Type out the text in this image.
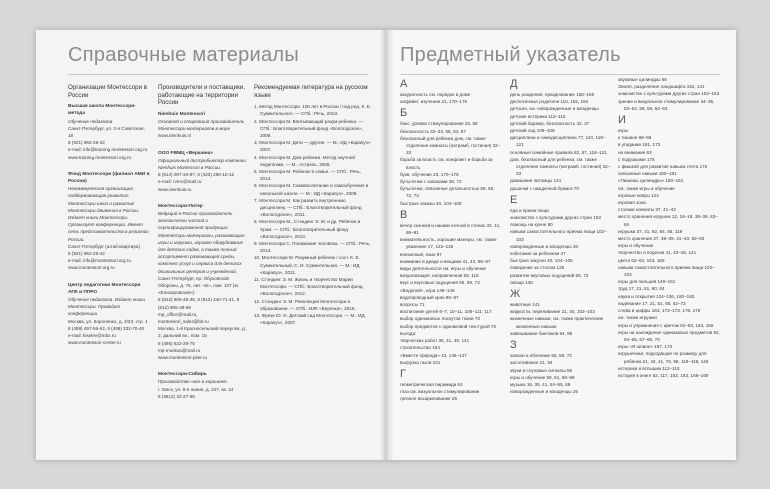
Справочные материалы
Организации Монтессори в России

Высшая школа Монтессори-метода

Обучение педагогов

Санкт-Петербург, ул. 2-я Советская, 18

8 (921) 962-26-42

e-mail: info@training.montessori.org.ru

www.training.montessori.org.ru

Фонд Монтессори (филиал АМИ в России)

Некоммерческая организация, поддерживающая развитие Монтессори-школ и развитие Монтессори-движения в России. Издает книги Монтессори. Организует конференции. Имеет сеть представительств в регионах России.

Санкт-Петербург (штаб-квартира)

8 (921) 962-26-42

e-mail: info@montessori.org.ru

www.montessori.org.ru

Центр педагогики Монтессори АПК и ППРО

Обучение педагогов. Издает книги Монтессори. Проводит конференции.

Москва, ул. Короленко, д. 2/23, стр. 1

8 (499) 497-56-62, 8 (499) 232-70-40

e-mail: kiselev@mbx.ru

www.montessori-center.ru

Производители и поставщики, работающие на территории России

Nienhuis Montessori

Основной и старейший производитель Монтессори-материалов в мире

www.nienhuis.nl

ООО РВМЦ «Вершина»

Официальный дистрибьютор компании Nienhuis Montessori в России.

8 (914) 007-34-97, 8 (423) 250-10-12

e-mail: rvmc@mail.ru

www.nienhuis.ru

Монтессори-Питер

Ведущий в России производитель экологически чистой и сертифицированной продукции: Монтессори-материалы, развивающие игры и игрушки, игровое оборудование для детских садов, а также полный ассортимент развивающей среды, комплекс услуг и сервиса для детских дошкольных центров и учреждений.

Санкт-Петербург, пр. Обуховской Обороны, д. 76, лит. «Б», пом. 107 (м. «Елизаровская»)

8 (812) 905-48-36, 8 (812) 440-71-41, 8 (812) 905-48-66

mp_office@mail.ru, montessori_sales@bk.ru

Москва, 1-й Красносельский переулок, д. 3, дальний вх., пом. 15

8 (495) 622-29-75

mp-moskva@mail.ru

www.montessori-piter.ru

Монтессори-Сибирь

Производство «все в хорошем»

г. Омск, ул. 9-я линия, д. 227, кв. 24

8 (3812) 32-27-96

Рекомендуемая литература на русском языке
1. Метод Монтессори. 100 лет в России / под ред. К. Е. Сумнительного. — СПб.: Речь, 2013.
2. Монтессори М. Впитывающий разум ребенка. — СПб.: Благотворительный фонд «Вологодское», 2009.
3. Монтессори М. Дети — другие. — М.: ИД «Карапуз», 2007.
4. Монтессори М. Дом ребенка. Метод научной педагогики. — М.: Астрель, 2006.
5. Монтессори М. Ребенок в семье. — СПб.: Речь, 2014.
6. Монтессори М. Самовоспитание и самообучение в начальной школе. — М.: ИД «Карапуз», 2009.
7. Монтессори М. Как развить внутреннюю дисциплину. — СПб.: Благотворительный фонд «Вологодское», 2011.
8. Монтессори М., Стэндинг Э. М. и др. Ребенок и Храм. — СПб.: Благотворительный фонд «Вологодское», 2013.
9. Монтессори С. Понимание человека. — СПб.: Речь, 2013.
10. Монтессори М. Разумный ребенок / сост. К. Е. Сумнительный, С. И. Сумнительная. — М.: ИД «Карапуз», 2011.
11. Стэндинг Э. М. Жизнь и творчество Марии Монтессори. — СПб.: Благотворительный фонд «Вологодское», 2012.
12. Стэндинг Э. М. Революция Монтессори в образовании. — СПб.: ИЛК «Березка», 2015.
13. Фрезе Ю. И. Детский сад Монтессори. — М.: ИД «Карапуз», 2007.
Предметный указатель
А

аккуратность см. порядок в доме

алфавит, изучение 21, 170–175

Б

бокс, уровни стимулирования 33, 58

безопасность 32–33, 58, 84, 87

безопасный для ребенка дом, см. также отделение комнаты (натрамб, гостиная) 32–33

борьба за власть см. конфликт и борьба за власть

букв, обучение 23, 170–175

бутылочки с запахами 39, 72

бутылочки, связанные детальностью 59, 68, 72, 73

быстрые заказы 40, 104–105

В

вечер скачкой и нашим ночной в стенах 33, 41, 86–91

внимательность, хорошие манеры, см. также уважение 17, 122–125

внезапный, язык 87

внимание в диаде и вещами 41, 43, 96–97

виды деятельности см. игры и обучение

визуализация, направленная 69, 116

вкус и вкусовые ощущения 55, 59, 73

«Водопой», игра 148–149

водопроводный кран 86–87

вопросы 71

воспитание детей 6–7, 10–11, 108–111, 117

выбор одинаковых лоскутов ткани 70

выбор предметов с одинаковой текстурой 70

выгода:

творческих работ 35, 41, 45, 141

строительство 154

«Вместе природа» 43, 146–147

выгрузка пыли 101

Г

геометрическая пирамида 64

глаз см. визуальное стимулирование

грязное вскармливание 26

Д

день рождения, празднование 156–159

деспотичные родители 110, 162, 184

детская, см. новорожденные и младенцы

детские истерики 112–115

детский бармер, безопасность 32, 37

детский сад 108–109

дисциплина и самодисциплина 77, 110, 119–121

основные семейные правила 82, 87, 118–121

дом, безопасный для ребенка, см. также отделение комнаты (натрамб, гостиная) 32–33

домашние питомцы 141

дошачки с наждачной бумаги 70

Е

еда и прием пищи

знакомство с культурами других стран 153

помощь на кухне 80

навыки самостоятельного приема пищи 102–103

новорожденные и младенцы 26

избегание за ребенком 47

быстрые закуски 40, 104–105

поведение за столом 125

развитие вкусовых ощущений 55, 73

овощи 138

Ж

животные 141

жидкости, переливание 21, 40, 102–103

жизненные навыки, см. также практические жизненные навыки

завязывание бантиков 94, 95

З

запахи и обоняние 55, 59, 72

застегивание 21, 94

звуки и слуховые сигналы 58

игры и обучение 59, 61, 68–69

музыка 16, 35, 41, 54–55, 69

новорожденные и младенцы 25

звуковые цилиндры 68

Земля, разделение ландшафта 154, 141

знакомство с культурами других стран 152–153

зрение и визуальное стимулирование 34–35, 53–54, 56, 59, 62–63

И

игры

к тишине 68–69

в угадание 161, 173

на внимание 63

с подушками 175

с фишкой для развития навыка счета 176

связанные навыки 180–181

«Пишешь цилиндры» 150–151

см. также игры и обучение

игровые ковры 124

игровая зона

столики комнаты 37, 41–43

место хранения игрушек 12, 18–19, 38–39, 83–84

игрушки 37, 41, 82, 84, 85, 119

место хранения 37, 38–39, 41–43, 82–83

игры и обучение

творчество и поделки 41, 43–45, 141

цвета 62–63, 163, 166

навыки самостоятельного приема пищи 102–103

игры для пальцев 148–151

труд 17, 21, 51, 60, 64

наука и открытия 134–136, 180–183

надевание 17, 21, 51, 60, 62–73

слова и цифры 163, 172–173, 176, 179

см. также игрушки

игры и упражнения с цветом 62–63, 163, 166

игры на нахождение одинаковых предметов 62, 64–65, 67–68, 70

игры «Я шпион» 167, 173

игрушечная, подходящие по размеру для ребенка 21, 43, 41, 78, 98, 118–119, 146

истерики и вспышки 112–115

история в книге 82, 117, 162, 163, 168–169
